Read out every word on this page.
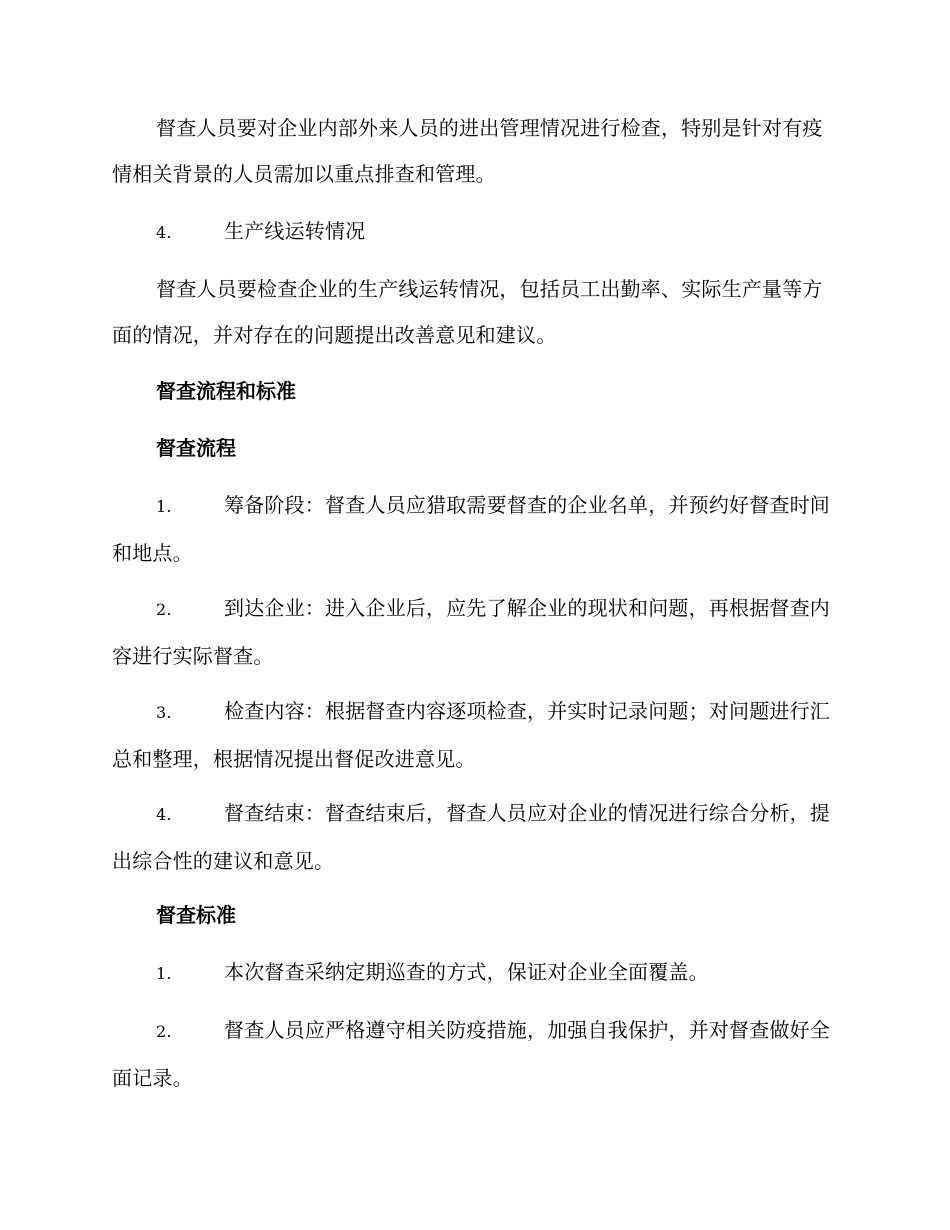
督查人员要对企业内部外来人员的进出管理情况进行检查，特别是针对有疫情相关背景的人员需加以重点排查和管理。

4.	生产线运转情况

督查人员要检查企业的生产线运转情况，包括员工出勤率、实际生产量等方面的情况，并对存在的问题提出改善意见和建议。

督查流程和标准
督查流程

1.	筹备阶段：督查人员应猎取需要督查的企业名单，并预约好督查时间和地点。

2.	到达企业：进入企业后，应先了解企业的现状和问题，再根据督查内容进行实际督查。

3.	检查内容：根据督查内容逐项检查，并实时记录问题；对问题进行汇总和整理，根据情况提出督促改进意见。

4.	督查结束：督查结束后，督查人员应对企业的情况进行综合分析，提出综合性的建议和意见。

督查标准

1.	本次督查采纳定期巡查的方式，保证对企业全面覆盖。

2.	督查人员应严格遵守相关防疫措施，加强自我保护，并对督查做好全面记录。
